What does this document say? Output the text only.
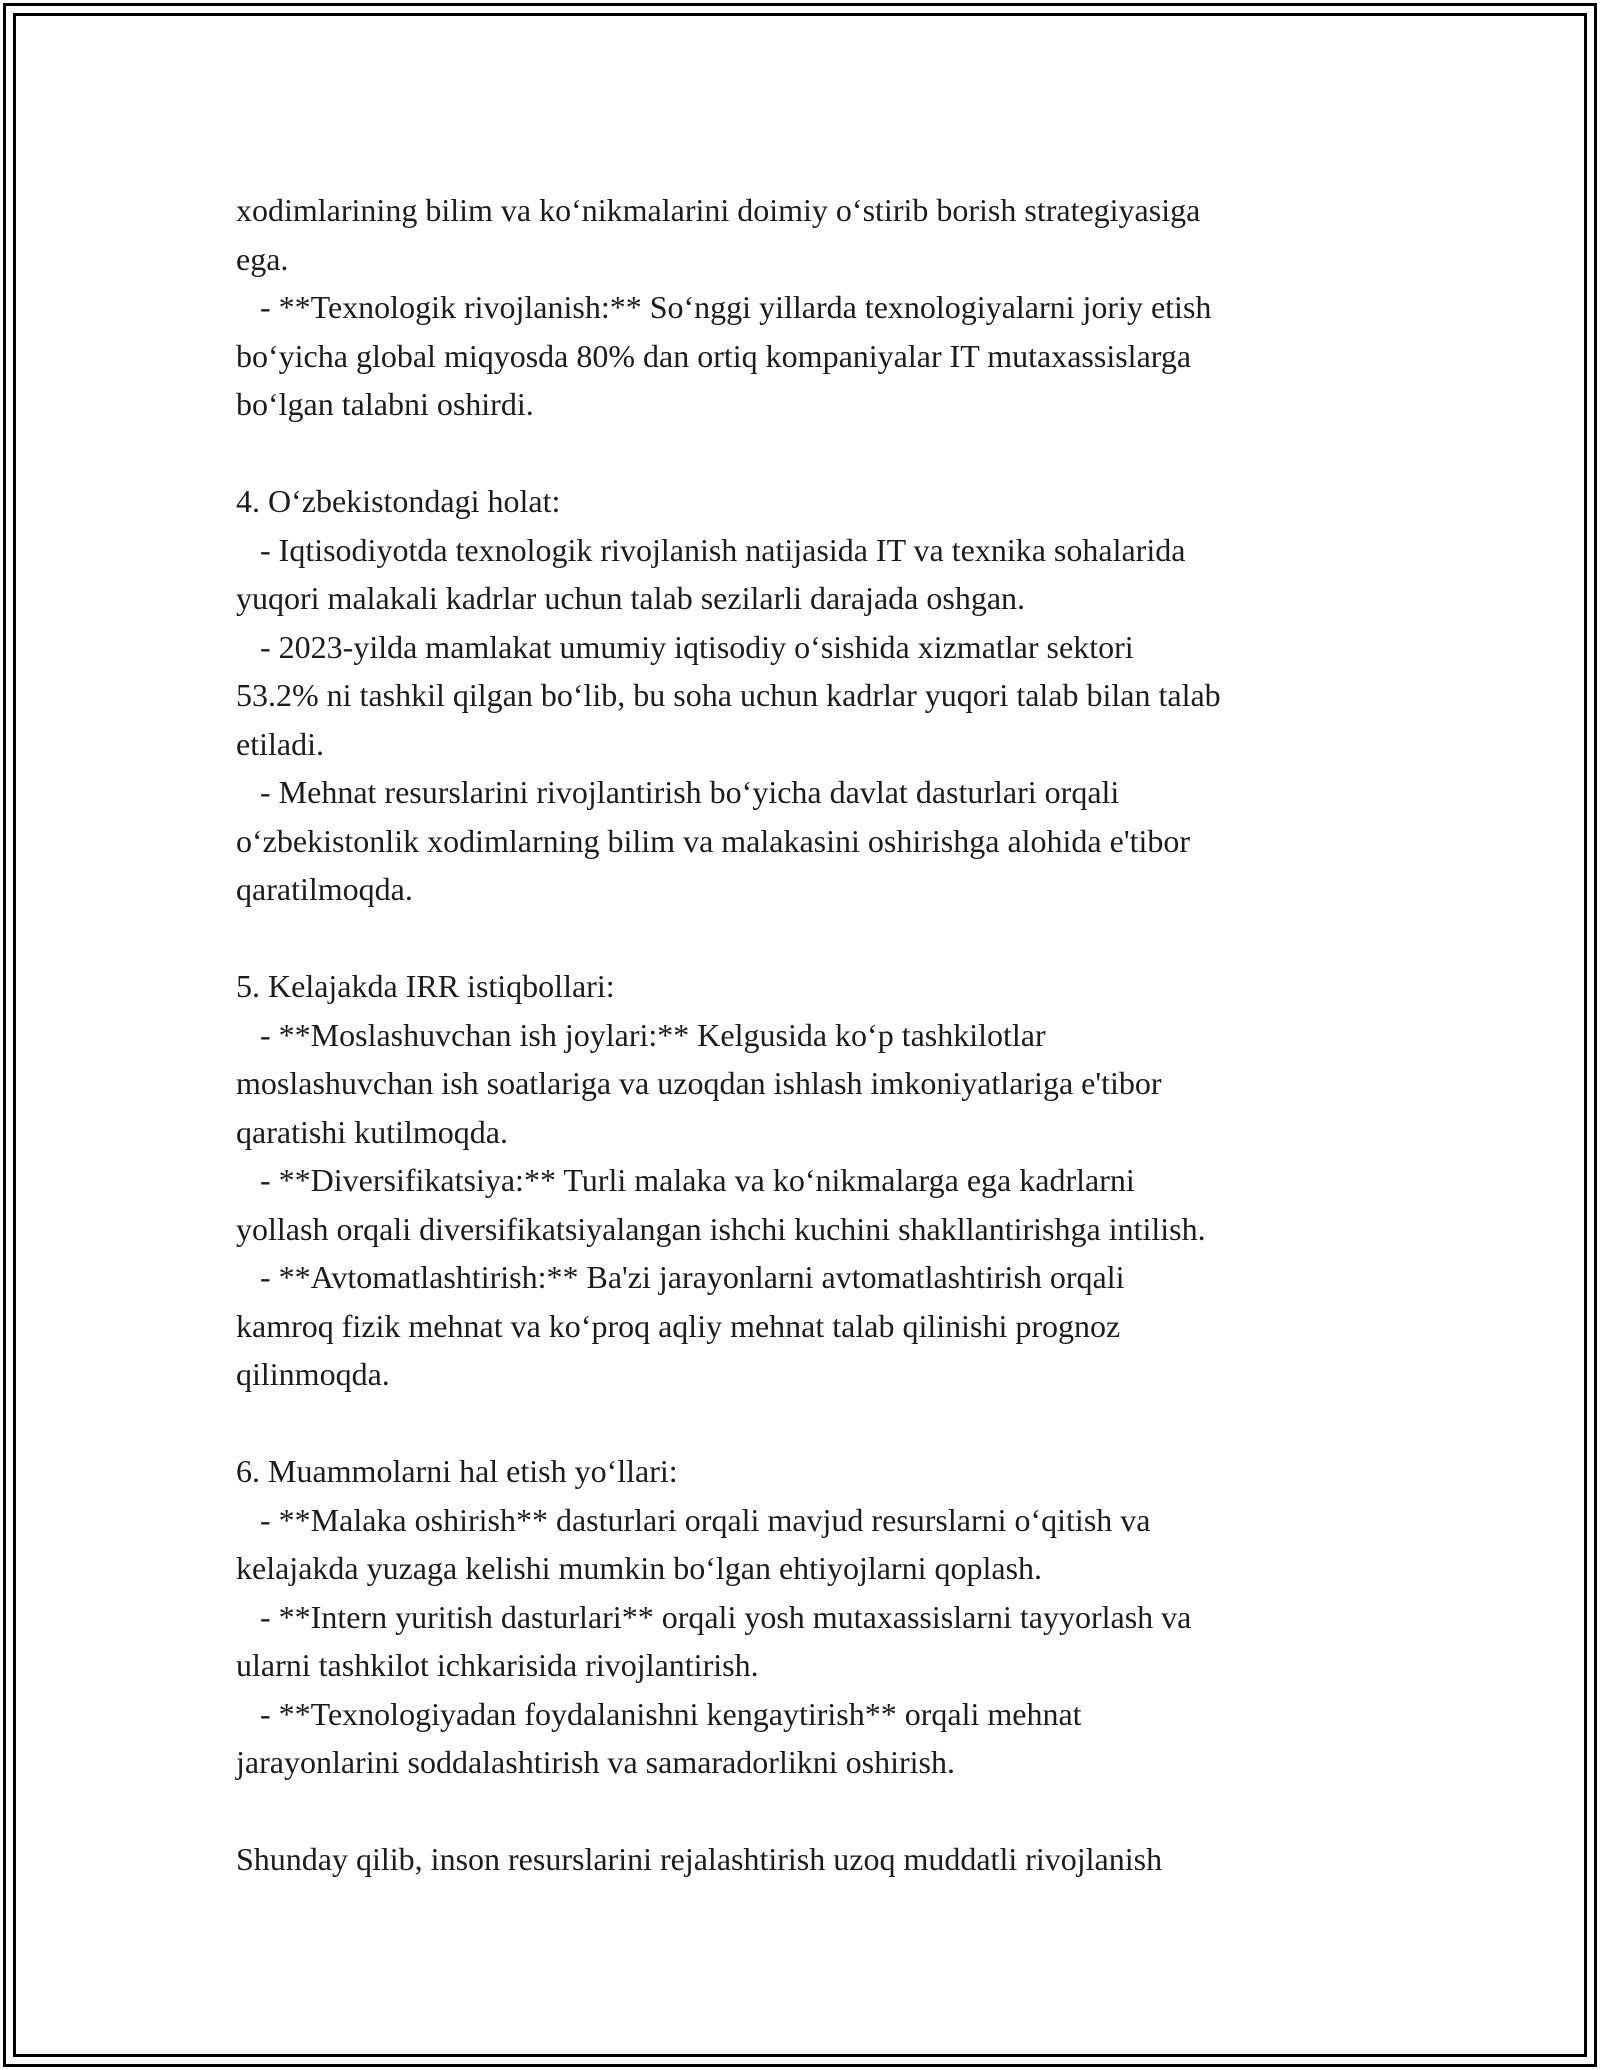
xodimlarining bilim va ko‘nikmalarini doimiy o‘stirib borish strategiyasiga
ega.
- **Texnologik rivojlanish:** So‘nggi yillarda texnologiyalarni joriy etish
bo‘yicha global miqyosda 80% dan ortiq kompaniyalar IT mutaxassislarga
bo‘lgan talabni oshirdi.

4. O‘zbekistondagi holat:
- Iqtisodiyotda texnologik rivojlanish natijasida IT va texnika sohalarida
yuqori malakali kadrlar uchun talab sezilarli darajada oshgan.
- 2023-yilda mamlakat umumiy iqtisodiy o‘sishida xizmatlar sektori
53.2% ni tashkil qilgan bo‘lib, bu soha uchun kadrlar yuqori talab bilan talab
etiladi.
- Mehnat resurslarini rivojlantirish bo‘yicha davlat dasturlari orqali
o‘zbekistonlik xodimlarning bilim va malakasini oshirishga alohida e'tibor
qaratilmoqda.

5. Kelajakda IRR istiqbollari:
- **Moslashuvchan ish joylari:** Kelgusida ko‘p tashkilotlar
moslashuvchan ish soatlariga va uzoqdan ishlash imkoniyatlariga e'tibor
qaratishi kutilmoqda.
- **Diversifikatsiya:** Turli malaka va ko‘nikmalarga ega kadrlarni
yollash orqali diversifikatsiyalangan ishchi kuchini shakllantirishga intilish.
- **Avtomatlashtirish:** Ba'zi jarayonlarni avtomatlashtirish orqali
kamroq fizik mehnat va ko‘proq aqliy mehnat talab qilinishi prognoz
qilinmoqda.

6. Muammolarni hal etish yo‘llari:
- **Malaka oshirish** dasturlari orqali mavjud resurslarni o‘qitish va
kelajakda yuzaga kelishi mumkin bo‘lgan ehtiyojlarni qoplash.
- **Intern yuritish dasturlari** orqali yosh mutaxassislarni tayyorlash va
ularni tashkilot ichkarisida rivojlantirish.
- **Texnologiyadan foydalanishni kengaytirish** orqali mehnat
jarayonlarini soddalashtirish va samaradorlikni oshirish.

Shunday qilib, inson resurslarini rejalashtirish uzoq muddatli rivojlanish
